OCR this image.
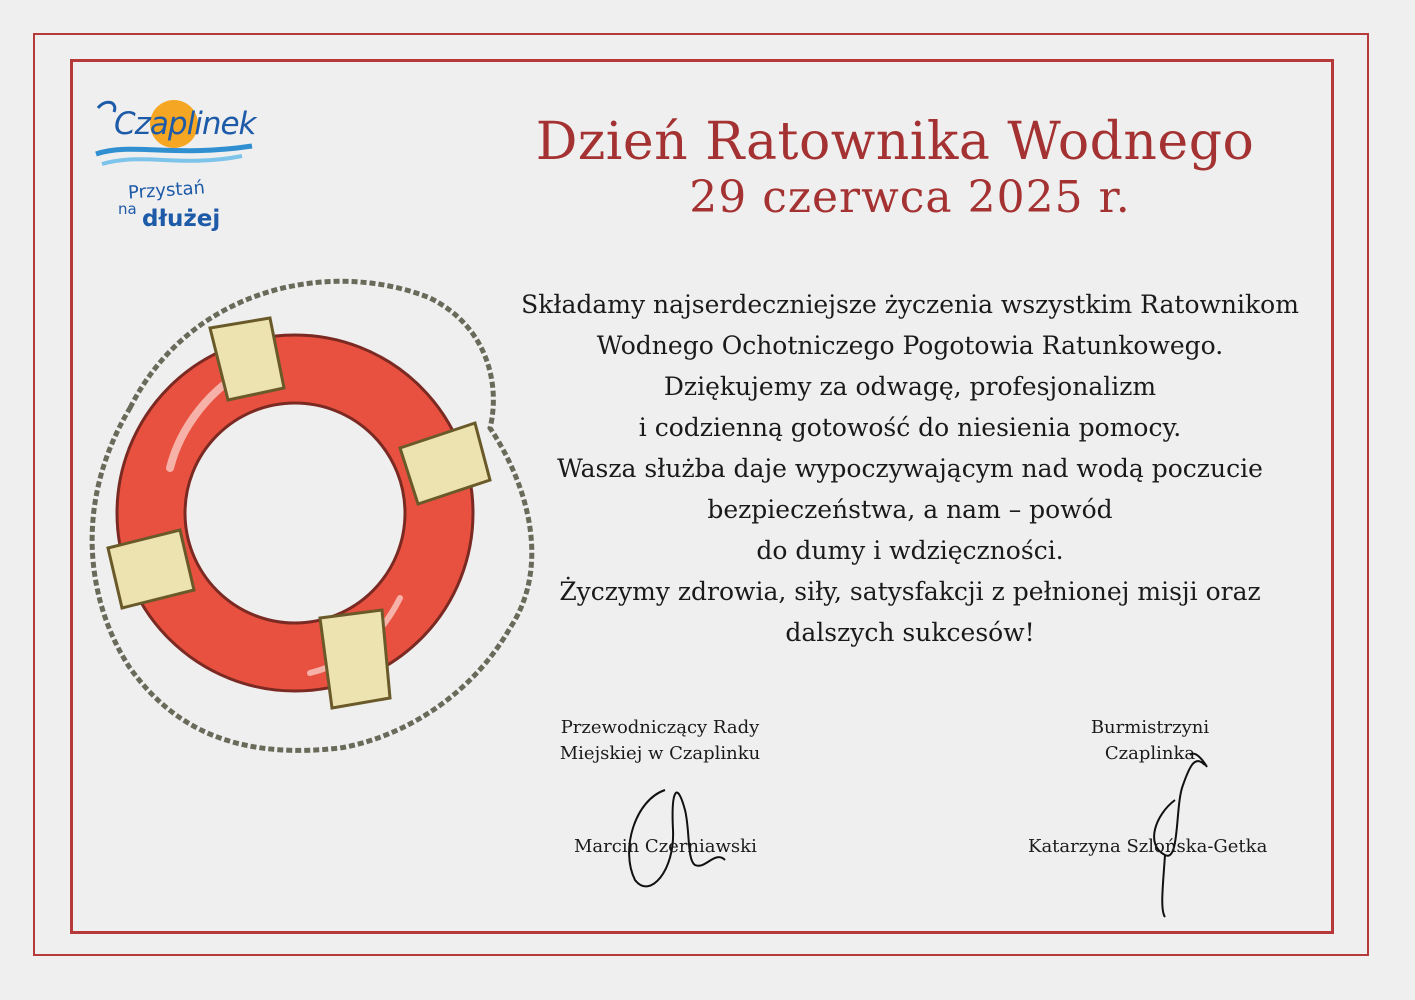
Czaplinek
Przystań
na dłużej
Dzień Ratownika Wodnego
29 czerwca 2025 r.
Składamy najserdeczniejsze życzenia wszystkim Ratownikom
Wodnego Ochotniczego Pogotowia Ratunkowego.
Dziękujemy za odwagę, profesjonalizm
i codzienną gotowość do niesienia pomocy.
Wasza służba daje wypoczywającym nad wodą poczucie
bezpieczeństwa, a nam – powód
do dumy i wdzięczności.
Życzymy zdrowia, siły, satysfakcji z pełnionej misji oraz
dalszych sukcesów!
Przewodniczący Rady
Miejskiej w Czaplinku
Marcin Czerniawski
Burmistrzyni
Czaplinka
Katarzyna Szlońska-Getka
